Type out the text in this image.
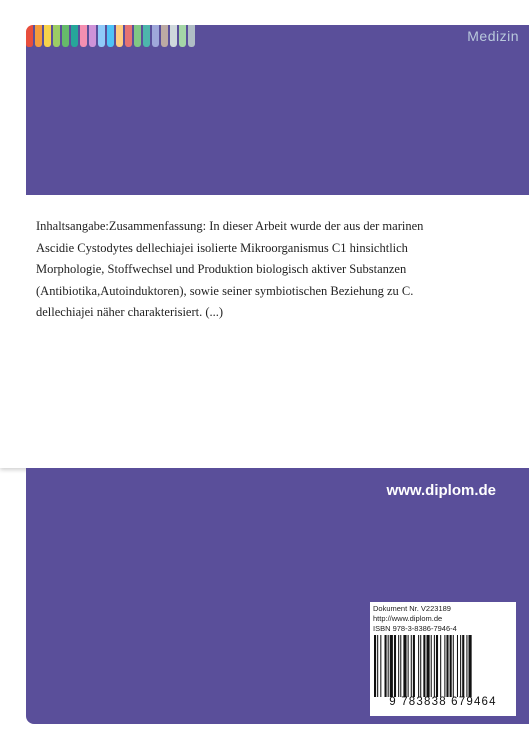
Medizin
Inhaltsangabe:Zusammenfassung: In dieser Arbeit wurde der aus der marinen Ascidie Cystodytes dellechiajei isolierte Mikroorganismus C1 hinsichtlich Morphologie, Stoffwechsel und Produktion biologisch aktiver Substanzen (Antibiotika,Autoinduktoren), sowie seiner symbiotischen Beziehung zu C. dellechiajei näher charakterisiert. (...)
www.diplom.de
Dokument Nr. V223189
http://www.diplom.de
ISBN 978-3-8386-7946-4
9 783838 679464
